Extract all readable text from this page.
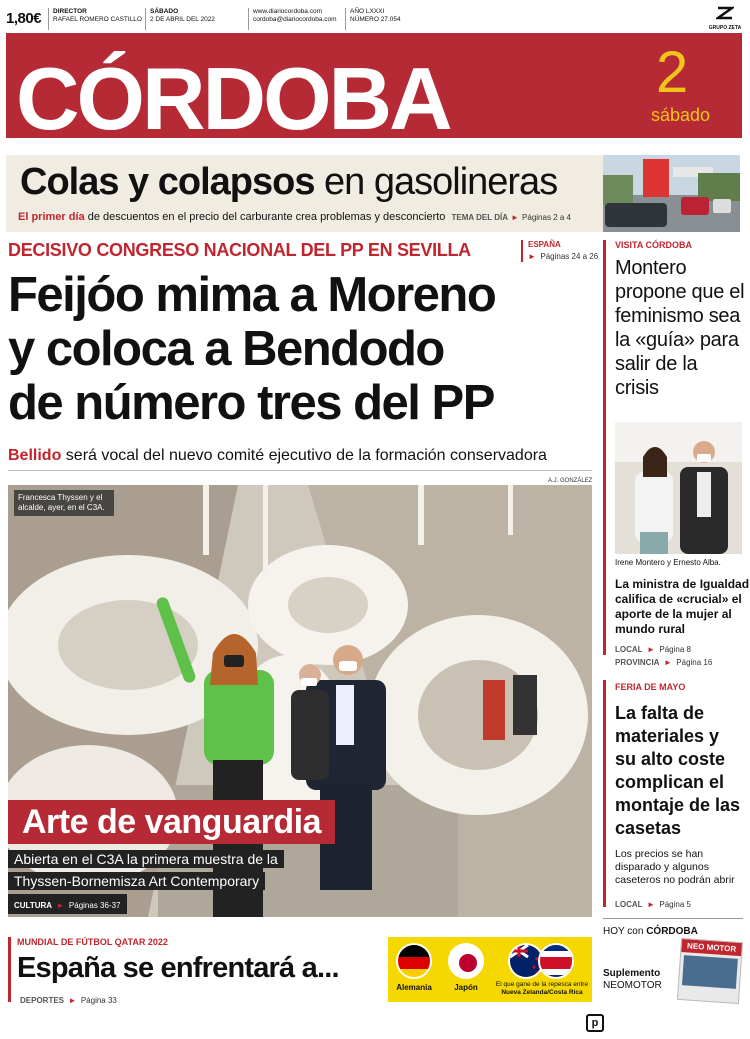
1,80€ DIRECTOR
RAFAEL ROMERO CASTILLO
SÁBADO
2 DE ABRIL DEL 2022
www.diariocordoba.com
cordoba@diariocordoba.com
AÑO LXXXI
NÚMERO 27.054
GRUPO ZETA
CÓRDOBA	2
sábado
Colas y colapsos en gasolineras
El primer día de descuentos en el precio del carburante crea problemas y desconcierto TEMA DEL DÍA ► Páginas 2 a 4
DECISIVO CONGRESO NACIONAL DEL PP EN SEVILLA	ESPAÑA
► Páginas 24 a 26
Feijóo mima a Moreno
y coloca a Bendodo
de número tres del PP
Bellido será vocal del nuevo comité ejecutivo de la formación conservadora
A.J. GONZÁLEZ
Francesca Thyssen y el alcalde, ayer, en el C3A.
Arte de vanguardia
Abierta en el C3A la primera muestra de la
Thyssen-Bornemisza Art Contemporary
CULTURA ► Páginas 36-37
VISITA CÓRDOBA
Montero propone que el feminismo sea la «guía» para salir de la crisis
Irene Montero y Ernesto Alba.
La ministra de Igualdad califica de «crucial» el aporte de la mujer al mundo rural
LOCAL ► Página 8
PROVINCIA ► Página 16
FERIA DE MAYO
La falta de materiales y su alto coste complican el montaje de las casetas
Los precios se han disparado y algunos caseteros no podrán abrir
LOCAL ► Página 5
HOY con CÓRDOBA
Suplemento
NEOMOTOR
NEO MOTOR
MUNDIAL DE FÚTBOL QATAR 2022
España se enfrentará a...
DEPORTES ► Página 33
Alemania	Japón	El que gane de la repesca entre
Nueva Zelanda/Costa Rica
p
